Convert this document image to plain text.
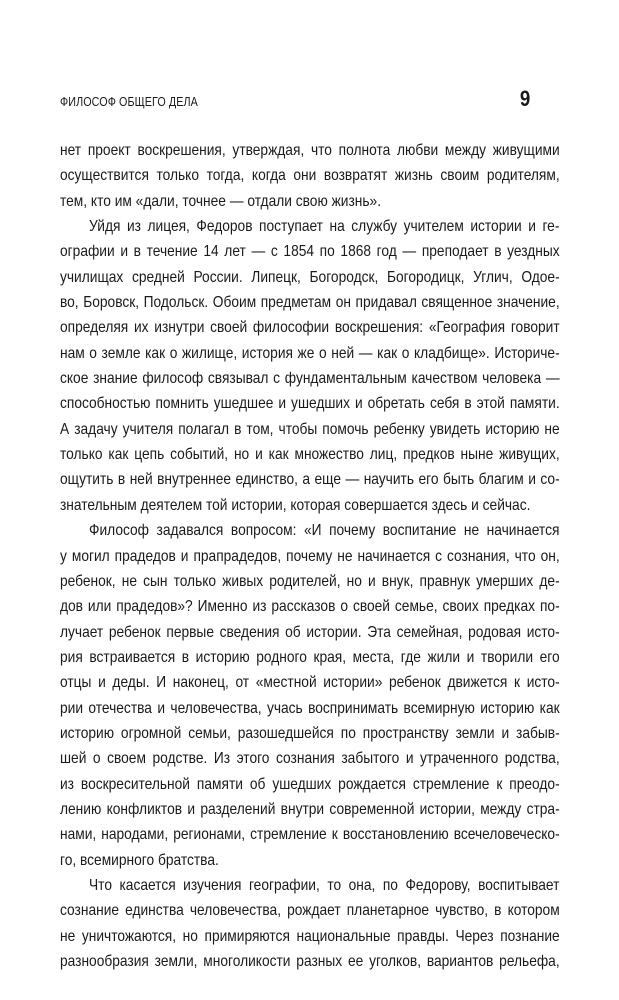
ФИЛОСОФ ОБЩЕГО ДЕЛА	9
нет проект воскрешения, утверждая, что полнота любви между живущими
осуществится только тогда, когда они возвратят жизнь своим родителям,
тем, кто им «дали, точнее — отдали свою жизнь».
Уйдя из лицея, Федоров поступает на службу учителем истории и ге-
ографии и в течение 14 лет — с 1854 по 1868 год — преподает в уездных
училищах средней России. Липецк, Богородск, Богородицк, Углич, Одое-
во, Боровск, Подольск. Обоим предметам он придавал священное значение,
определяя их изнутри своей философии воскрешения: «География говорит
нам о земле как о жилище, история же о ней — как о кладбище». Историче-
ское знание философ связывал с фундаментальным качеством человека —
способностью помнить ушедшее и ушедших и обретать себя в этой памяти.
А задачу учителя полагал в том, чтобы помочь ребенку увидеть историю не
только как цепь событий, но и как множество лиц, предков ныне живущих,
ощутить в ней внутреннее единство, а еще — научить его быть благим и со-
знательным деятелем той истории, которая совершается здесь и сейчас.
Философ задавался вопросом: «И почему воспитание не начинается
у могил прадедов и прапрадедов, почему не начинается с сознания, что он,
ребенок, не сын только живых родителей, но и внук, правнук умерших де-
дов или прадедов»? Именно из рассказов о своей семье, своих предках по-
лучает ребенок первые сведения об истории. Эта семейная, родовая исто-
рия встраивается в историю родного края, места, где жили и творили его
отцы и деды. И наконец, от «местной истории» ребенок движется к исто-
рии отечества и человечества, учась воспринимать всемирную историю как
историю огромной семьи, разошедшейся по пространству земли и забыв-
шей о своем родстве. Из этого сознания забытого и утраченного родства,
из воскресительной памяти об ушедших рождается стремление к преодо-
лению конфликтов и разделений внутри современной истории, между стра-
нами, народами, регионами, стремление к восстановлению всечеловеческо-
го, всемирного братства.
Что касается изучения географии, то она, по Федорову, воспитывает
сознание единства человечества, рождает планетарное чувство, в котором
не уничтожаются, но примиряются национальные правды. Через познание
разнообразия земли, многоликости разных ее уголков, вариантов рельефа,
